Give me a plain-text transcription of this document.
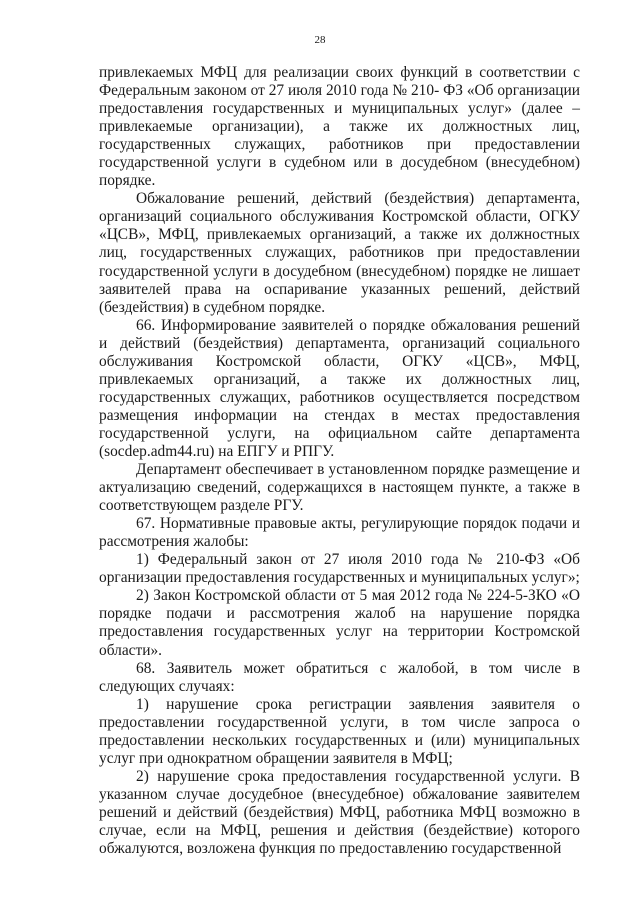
28

привлекаемых МФЦ для реализации своих функций в соответствии с Федеральным законом от 27 июля 2010 года № 210- ФЗ «Об организации предоставления государственных и муниципальных услуг» (далее – привлекаемые организации), а также их должностных лиц, государственных служащих, работников при предоставлении государственной услуги в судебном или в досудебном (внесудебном) порядке.

Обжалование решений, действий (бездействия) департамента, организаций социального обслуживания Костромской области, ОГКУ «ЦСВ», МФЦ, привлекаемых организаций, а также их должностных лиц, государственных служащих, работников при предоставлении государственной услуги в досудебном (внесудебном) порядке не лишает заявителей права на оспаривание указанных решений, действий (бездействия) в судебном порядке.

66. Информирование заявителей о порядке обжалования решений и действий (бездействия) департамента, организаций социального обслуживания Костромской области, ОГКУ «ЦСВ», МФЦ, привлекаемых организаций, а также их должностных лиц, государственных служащих, работников осуществляется посредством размещения информации на стендах в местах предоставления государственной услуги, на официальном сайте департамента (socdep.adm44.ru) на ЕПГУ и РПГУ.

Департамент обеспечивает в установленном порядке размещение и актуализацию сведений, содержащихся в настоящем пункте, а также в соответствующем разделе РГУ.

67. Нормативные правовые акты, регулирующие порядок подачи и рассмотрения жалобы:

1) Федеральный закон от 27 июля 2010 года № 210-ФЗ «Об организации предоставления государственных и муниципальных услуг»;

2) Закон Костромской области от 5 мая 2012 года № 224-5-ЗКО «О порядке подачи и рассмотрения жалоб на нарушение порядка предоставления государственных услуг на территории Костромской области».

68. Заявитель может обратиться с жалобой, в том числе в следующих случаях:

1) нарушение срока регистрации заявления заявителя о предоставлении государственной услуги, в том числе запроса о предоставлении нескольких государственных и (или) муниципальных услуг при однократном обращении заявителя в МФЦ;

2) нарушение срока предоставления государственной услуги. В указанном случае досудебное (внесудебное) обжалование заявителем решений и действий (бездействия) МФЦ, работника МФЦ возможно в случае, если на МФЦ, решения и действия (бездействие) которого обжалуются, возложена функция по предоставлению государственной
